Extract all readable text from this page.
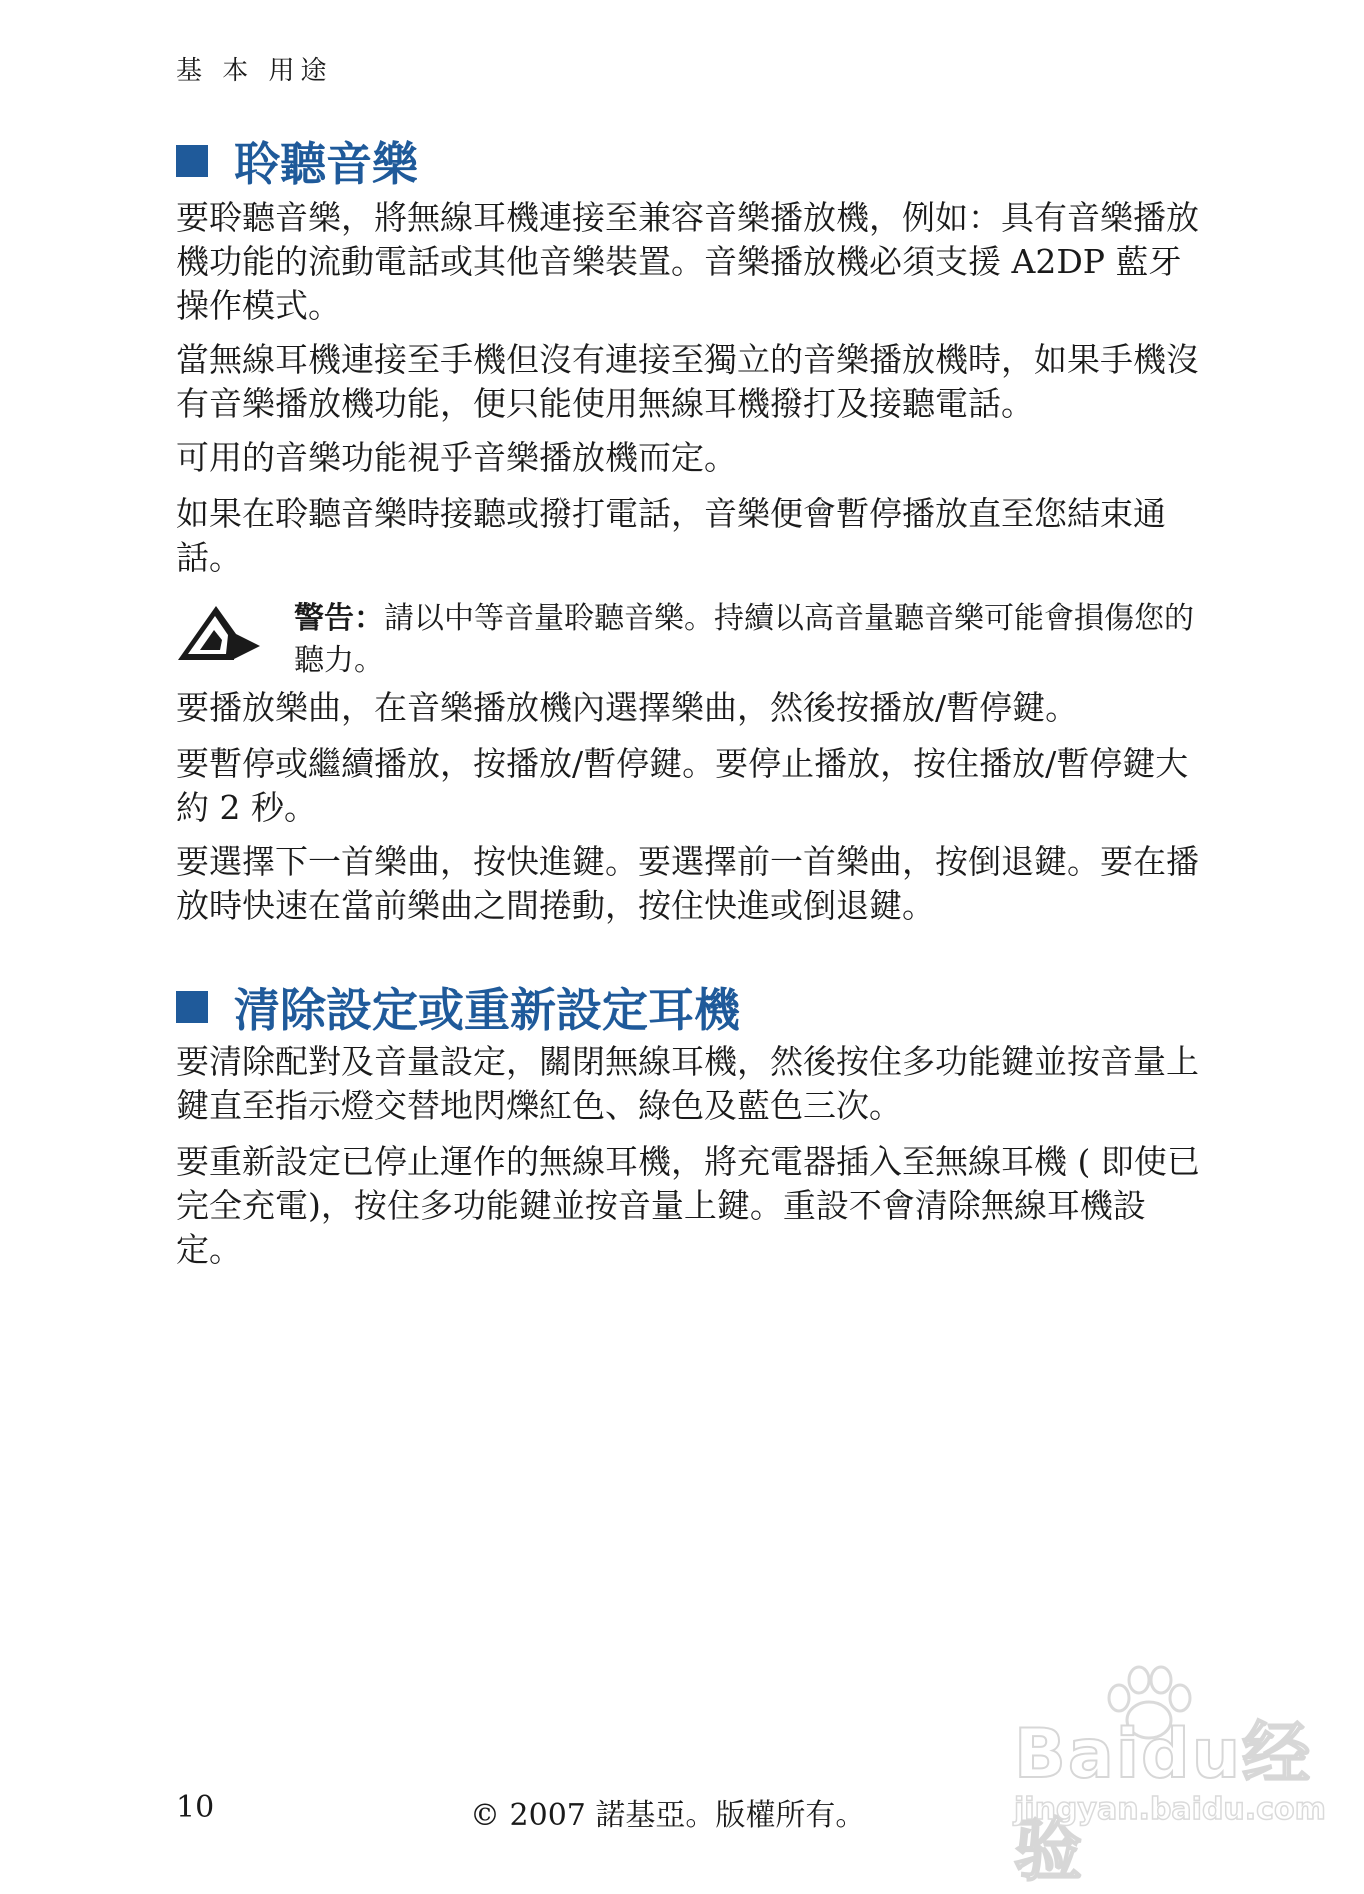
基 本 用途
聆聽音樂

要聆聽音樂，將無線耳機連接至兼容音樂播放機，例如：具有音樂播放機功能的流動電話或其他音樂裝置。音樂播放機必須支援 A2DP 藍牙操作模式。

當無線耳機連接至手機但沒有連接至獨立的音樂播放機時，如果手機沒有音樂播放機功能，便只能使用無線耳機撥打及接聽電話。

可用的音樂功能視乎音樂播放機而定。

如果在聆聽音樂時接聽或撥打電話，音樂便會暫停播放直至您結束通話。

警告：請以中等音量聆聽音樂。持續以高音量聽音樂可能會損傷您的聽力。

要播放樂曲，在音樂播放機內選擇樂曲，然後按播放/暫停鍵。

要暫停或繼續播放，按播放/暫停鍵。要停止播放，按住播放/暫停鍵大約 2 秒。

要選擇下一首樂曲，按快進鍵。要選擇前一首樂曲，按倒退鍵。要在播放時快速在當前樂曲之間捲動，按住快進或倒退鍵。

清除設定或重新設定耳機

要清除配對及音量設定，關閉無線耳機，然後按住多功能鍵並按音量上鍵直至指示燈交替地閃爍紅色、綠色及藍色三次。

要重新設定已停止運作的無線耳機，將充電器插入至無線耳機 ( 即使已完全充電)，按住多功能鍵並按音量上鍵。重設不會清除無線耳機設定。

10	© 2007 諾基亞。版權所有。
Baidu经验
jingyan.baidu.com
